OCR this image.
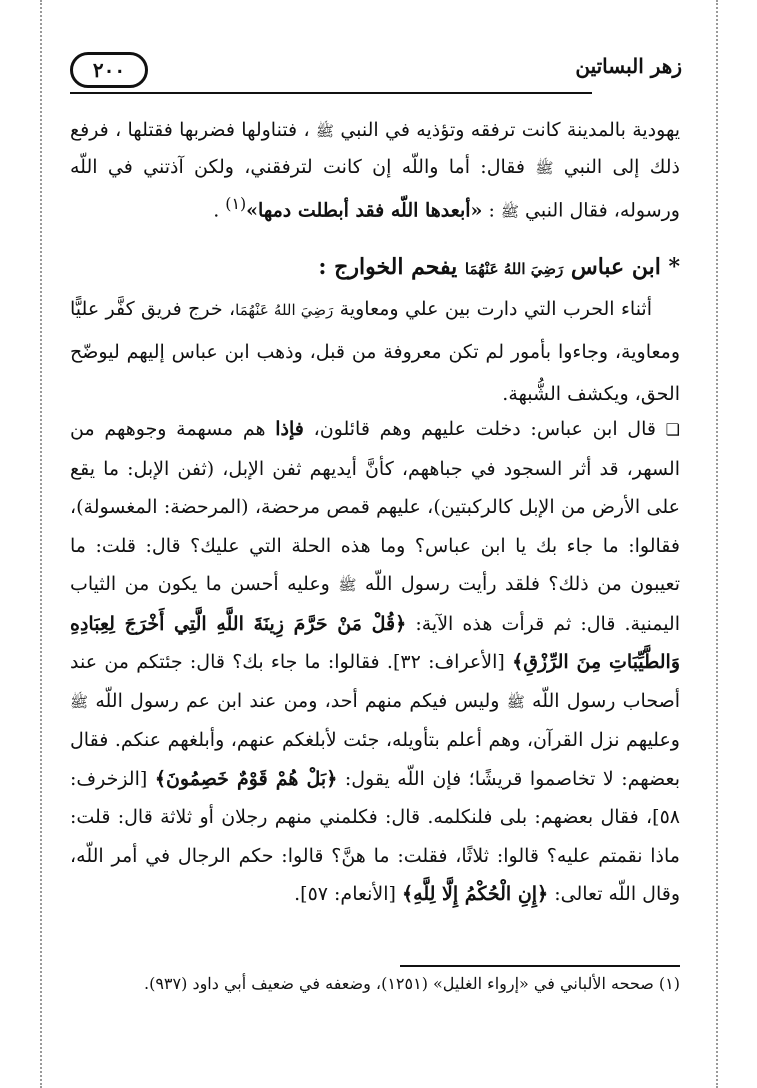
٢٠٠	زهر البساتين

يهودية بالمدينة كانت ترفقه وتؤذيه في النبي ﷺ ، فتناولها فضربها فقتلها ، فرفع ذلك إلى النبي ﷺ فقال: أما واللّه إن كانت لترفقني، ولكن آذتني في اللّه ورسوله، فقال النبي ﷺ : «أبعدها اللّه فقد أبطلت دمها»$^{(١)}$ .

* ابن عباس رَضِيَ اللهُ عَنْهُمَا يفحم الخوارج :

أثناء الحرب التي دارت بين علي ومعاوية رَضِيَ اللهُ عَنْهُمَا، خرج فريق كفَّر عليًّا ومعاوية، وجاءوا بأمور لم تكن معروفة من قبل، وذهب ابن عباس إليهم ليوضّح الحق، ويكشف الشُّبهة.

❏ قال ابن عباس: دخلت عليهم وهم قائلون، فإذا هم مسهمة وجوههم من السهر، قد أثر السجود في جباههم، كأنَّ أيديهم ثفن الإبل، (ثفن الإبل: ما يقع على الأرض من الإبل كالركبتين)، عليهم قمص مرحضة، (المرحضة: المغسولة)، فقالوا: ما جاء بك يا ابن عباس؟ وما هذه الحلة التي عليك؟ قال: قلت: ما تعيبون من ذلك؟ فلقد رأيت رسول اللّه ﷺ وعليه أحسن ما يكون من الثياب اليمنية. قال: ثم قرأت هذه الآية: ﴿قُلْ مَنْ حَرَّمَ زِينَةَ اللَّهِ الَّتِي أَخْرَجَ لِعِبَادِهِ وَالطَّيِّبَاتِ مِنَ الرِّزْقِ﴾ [الأعراف: ٣٢]. فقالوا: ما جاء بك؟ قال: جئتكم من عند أصحاب رسول اللّه ﷺ وليس فيكم منهم أحد، ومن عند ابن عم رسول اللّه ﷺ وعليهم نزل القرآن، وهم أعلم بتأويله، جئت لأبلغكم عنهم، وأبلغهم عنكم. فقال بعضهم: لا تخاصموا قريشًا؛ فإن اللّه يقول: ﴿بَلْ هُمْ قَوْمٌ خَصِمُونَ﴾ [الزخرف: ٥٨]، فقال بعضهم: بلى فلنكلمه. قال: فكلمني منهم رجلان أو ثلاثة قال: قلت: ماذا نقمتم عليه؟ قالوا: ثلاثًا، فقلت: ما هنَّ؟ قالوا: حكم الرجال في أمر اللّه، وقال اللّه تعالى: ﴿إِنِ الْحُكْمُ إِلَّا لِلَّهِ﴾ [الأنعام: ٥٧].

(١) صححه الألباني في «إرواء الغليل» (١٢٥١)، وضعفه في ضعيف أبي داود (٩٣٧).
